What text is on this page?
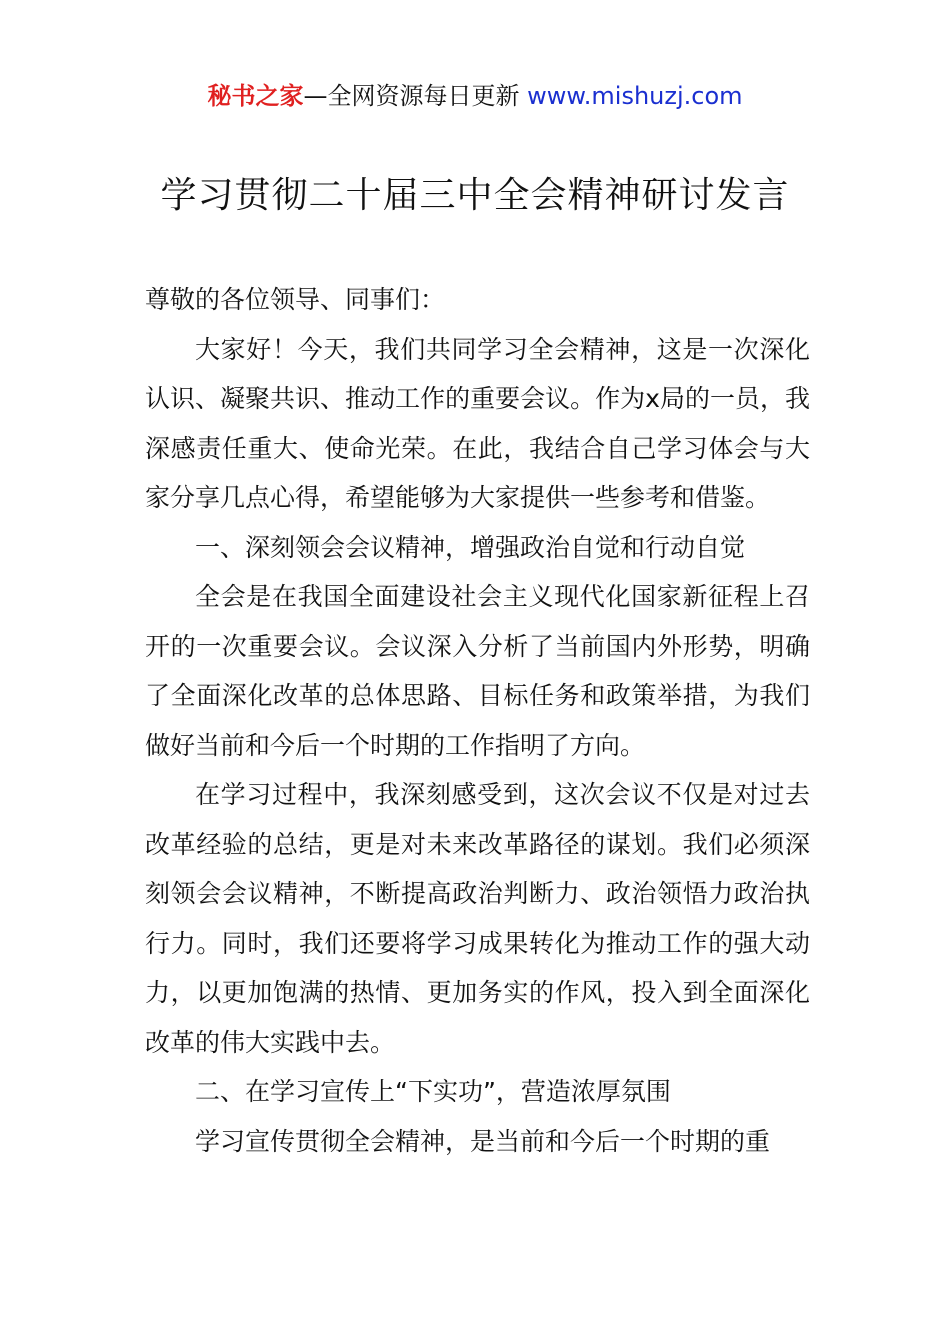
秘书之家—全网资源每日更新 www.mishuzj.com
学习贯彻二十届三中全会精神研讨发言

尊敬的各位领导、同事们：

大家好！今天，我们共同学习全会精神，这是一次深化认识、凝聚共识、推动工作的重要会议。作为x局的一员，我深感责任重大、使命光荣。在此，我结合自己学习体会与大家分享几点心得，希望能够为大家提供一些参考和借鉴。

一、深刻领会会议精神，增强政治自觉和行动自觉

全会是在我国全面建设社会主义现代化国家新征程上召开的一次重要会议。会议深入分析了当前国内外形势，明确了全面深化改革的总体思路、目标任务和政策举措，为我们做好当前和今后一个时期的工作指明了方向。

在学习过程中，我深刻感受到，这次会议不仅是对过去改革经验的总结，更是对未来改革路径的谋划。我们必须深刻领会会议精神，不断提高政治判断力、政治领悟力政治执行力。同时，我们还要将学习成果转化为推动工作的强大动力，以更加饱满的热情、更加务实的作风，投入到全面深化改革的伟大实践中去。

二、在学习宣传上“下实功”，营造浓厚氛围

学习宣传贯彻全会精神，是当前和今后一个时期的重
